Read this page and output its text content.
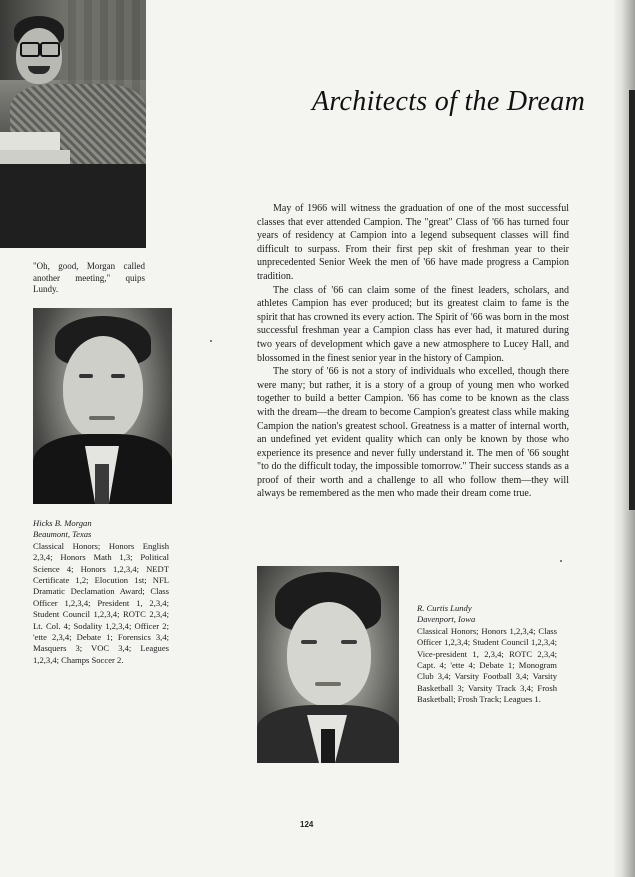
"Oh, good, Morgan called another meeting," quips Lundy.
Hicks B. Morgan
Beaumont, Texas
Classical Honors; Honors English 2,3,4; Honors Math 1,3; Political Science 4; Honors 1,2,3,4; NEDT Certificate 1,2; Elocution 1st; NFL Dramatic Declamation Award; Class Officer 1,2,3,4; President 1, 2,3,4; Student Council 1,2,3,4; ROTC 2,3,4; Lt. Col. 4; Sodality 1,2,3,4; Officer 2; 'ette 2,3,4; Debate 1; Forensics 3,4; Masquers 3; VOC 3,4; Leagues 1,2,3,4; Champs Soccer 2.
Architects of the Dream

May of 1966 will witness the graduation of one of the most successful classes that ever attended Campion. The "great" Class of '66 has turned four years of residency at Campion into a legend subsequent classes will find difficult to surpass. From their first pep skit of freshman year to their unprecedented Senior Week the men of '66 have made progress a Campion tradition.

The class of '66 can claim some of the finest leaders, scholars, and athletes Campion has ever produced; but its greatest claim to fame is the spirit that has crowned its every action. The Spirit of '66 was born in the most successful freshman year a Campion class has ever had, it matured during two years of development which gave a new atmosphere to Lucey Hall, and blossomed in the finest senior year in the history of Campion.

The story of '66 is not a story of individuals who excelled, though there were many; but rather, it is a story of a group of young men who worked together to build a better Campion. '66 has come to be known as the class with the dream—the dream to become Campion's greatest class while making Campion the nation's greatest school. Greatness is a matter of internal worth, an undefined yet evident quality which can only be known by those who experience its presence and never fully understand it. The men of '66 sought "to do the difficult today, the impossible tomorrow." Their success stands as a proof of their worth and a challenge to all who follow them—they will always be remembered as the men who made their dream come true.

R. Curtis Lundy
Davenport, Iowa
Classical Honors; Honors 1,2,3,4; Class Officer 1,2,3,4; Student Council 1,2,3,4; Vice-president 1, 2,3,4; ROTC 2,3,4; Capt. 4; 'ette 4; Debate 1; Monogram Club 3,4; Varsity Football 3,4; Varsity Basketball 3; Varsity Track 3,4; Frosh Basketball; Frosh Track; Leagues 1.
124
